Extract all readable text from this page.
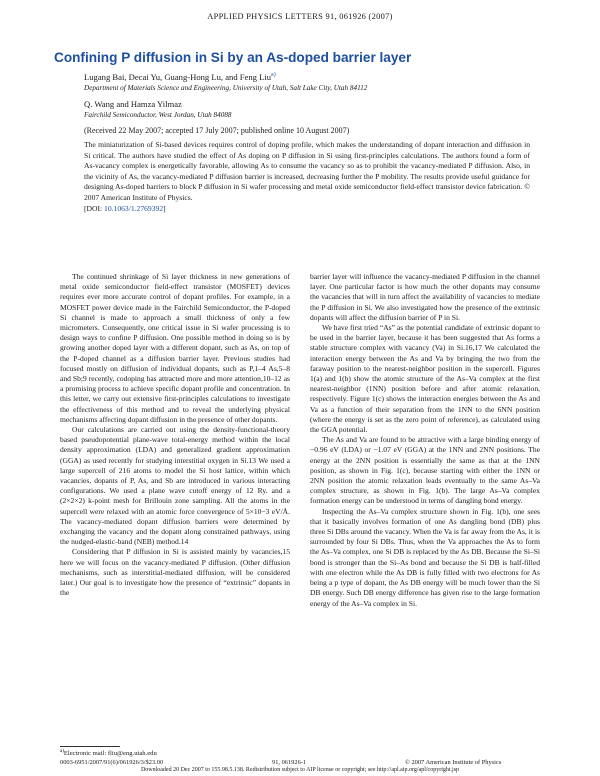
APPLIED PHYSICS LETTERS 91, 061926 (2007)
Confining P diffusion in Si by an As-doped barrier layer
Lugang Bai, Decai Yu, Guang-Hong Lu, and Feng Liu$^{a)}$
Department of Materials Science and Engineering, University of Utah, Salt Lake City, Utah 84112
Q. Wang and Hamza Yilmaz
Fairchild Semiconductor, West Jordan, Utah 84088
(Received 22 May 2007; accepted 17 July 2007; published online 10 August 2007)
The miniaturization of Si-based devices requires control of doping profile, which makes the understanding of dopant interaction and diffusion in Si critical. The authors have studied the effect of As doping on P diffusion in Si using first-principles calculations. The authors found a form of As-vacancy complex is energetically favorable, allowing As to consume the vacancy so as to prohibit the vacancy-mediated P diffusion. Also, in the vicinity of As, the vacancy-mediated P diffusion barrier is increased, decreasing further the P mobility. The results provide useful guidance for designing As-doped barriers to block P diffusion in Si wafer processing and metal oxide semiconductor field-effect transistor device fabrication. © 2007 American Institute of Physics.
[DOI: 10.1063/1.2769392]

The continued shrinkage of Si layer thickness in new generations of metal oxide semiconductor field-effect transistor (MOSFET) devices requires ever more accurate control of dopant profiles. For example, in a MOSFET power device made in the Fairchild Semiconductor, the P-doped Si channel is made to approach a small thickness of only a few micrometers. Consequently, one critical issue in Si wafer processing is to design ways to confine P diffusion. One possible method in doing so is by growing another doped layer with a different dopant, such as As, on top of the P-doped channel as a diffusion barrier layer. Previous studies had focused mostly on diffusion of individual dopants, such as P,1–4 As,5–8 and Sb;9 recently, codoping has attracted more and more attention,10–12 as a promising process to achieve specific dopant profile and concentration. In this letter, we carry out extensive first-principles calculations to investigate the effectiveness of this method and to reveal the underlying physical mechanisms affecting dopant diffusion in the presence of other dopants.

Our calculations are carried out using the density-functional-theory based pseudopotential plane-wave total-energy method within the local density approximation (LDA) and generalized gradient approximation (GGA) as used recently for studying interstitial oxygen in Si.13 We used a large supercell of 216 atoms to model the Si host lattice, within which vacancies, dopants of P, As, and Sb are introduced in various interacting configurations. We used a plane wave cutoff energy of 12 Ry. and a (2×2×2) k-point mesh for Brillouin zone sampling. All the atoms in the supercell were relaxed with an atomic force convergence of 5×10−3 eV/Å. The vacancy-mediated dopant diffusion barriers were determined by exchanging the vacancy and the dopant along constrained pathways, using the nudged-elastic-band (NEB) method.14

Considering that P diffusion in Si is assisted mainly by vacancies,15 here we will focus on the vacancy-mediated P diffusion. (Other diffusion mechanisms, such as interstitial-mediated diffusion, will be considered later.) Our goal is to investigate how the presence of “extrinsic” dopants in the

barrier layer will influence the vacancy-mediated P diffusion in the channel layer. One particular factor is how much the other dopants may consume the vacancies that will in turn affect the availability of vacancies to mediate the P diffusion in Si. We also investigated how the presence of the extrinsic dopants will affect the diffusion barrier of P in Si.

We have first tried “As” as the potential candidate of extrinsic dopant to be used in the barrier layer, because it has been suggested that As forms a stable structure complex with vacancy (Va) in Si.16,17 We calculated the interaction energy between the As and Va by bringing the two from the faraway position to the nearest-neighbor position in the supercell. Figures 1(a) and 1(b) show the atomic structure of the As–Va complex at the first nearest-neighbor (1NN) position before and after atomic relaxation, respectively. Figure 1(c) shows the interaction energies between the As and Va as a function of their separation from the 1NN to the 6NN position (where the energy is set as the zero point of reference), as calculated using the GGA potential.

The As and Va are found to be attractive with a large binding energy of −0.96 eV (LDA) or −1.07 eV (GGA) at the 1NN and 2NN positions. The energy at the 2NN position is essentially the same as that at the 1NN position, as shown in Fig. 1(c), because starting with either the 1NN or 2NN position the atomic relaxation leads eventually to the same As–Va complex structure, as shown in Fig. 1(b). The large As–Va complex formation energy can be understood in terms of dangling bond energy.

Inspecting the As–Va complex structure shown in Fig. 1(b), one sees that it basically involves formation of one As dangling bond (DB) plus three Si DBs around the vacancy. When the Va is far away from the As, it is surrounded by four Si DBs. Thus, when the Va approaches the As to form the As–Va complex, one Si DB is replaced by the As DB. Because the Si–Si bond is stronger than the Si–As bond and because the Si DB is half-filled with one electron while the As DB is fully filled with two electrons for As being a p type of dopant, the As DB energy will be much lower than the Si DB energy. Such DB energy difference has given rise to the large formation energy of the As–Va complex in Si.

$^{a)}$Electronic mail: fliu@eng.utah.edu
0003-6951/2007/91(6)/061926/3/$23.00	91, 061926-1	© 2007 American Institute of Physics
Downloaded 20 Dec 2007 to 155.98.5.138. Redistribution subject to AIP license or copyright; see http://apl.aip.org/apl/copyright.jsp
